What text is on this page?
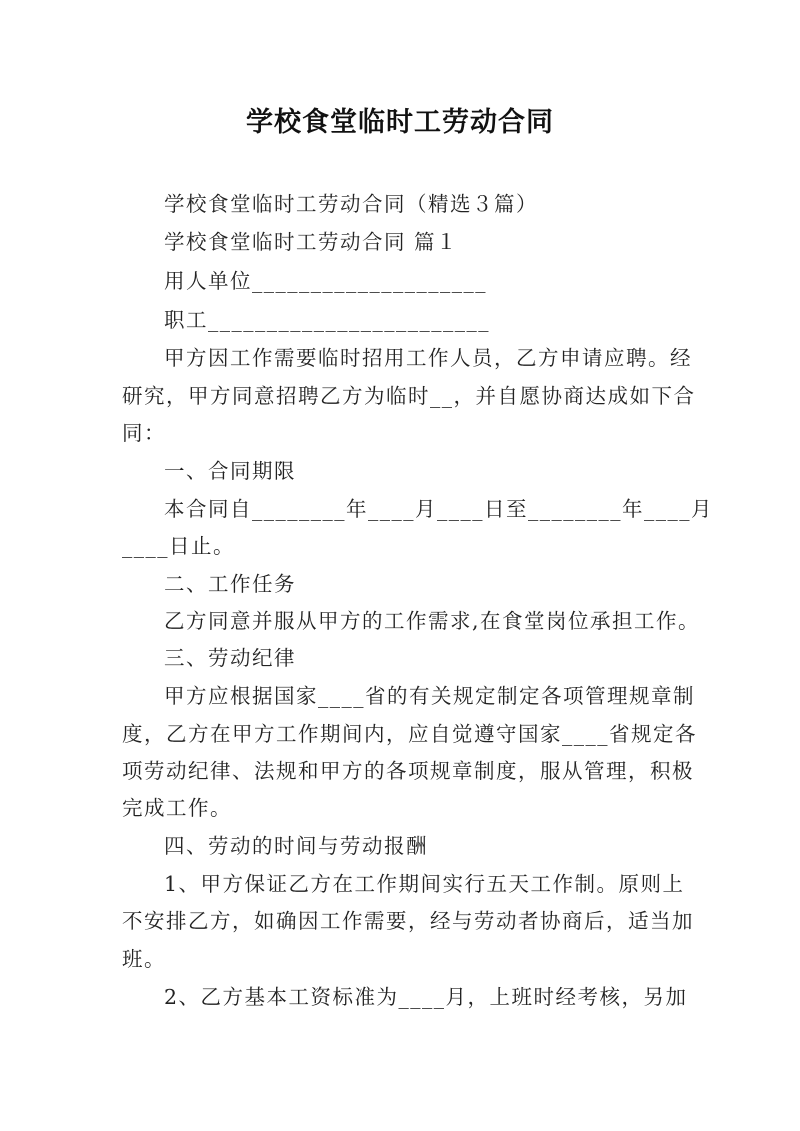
学校食堂临时工劳动合同
学校食堂临时工劳动合同（精选３篇）
学校食堂临时工劳动合同 篇１
用人单位____________________
职工________________________
甲方因工作需要临时招用工作人员，乙方申请应聘。经
研究，甲方同意招聘乙方为临时__，并自愿协商达成如下合
同：
一、合同期限
本合同自________年____月____日至________年____月
____日止。
二、工作任务
乙方同意并服从甲方的工作需求,在食堂岗位承担工作。
三、劳动纪律
甲方应根据国家____省的有关规定制定各项管理规章制
度，乙方在甲方工作期间内，应自觉遵守国家____省规定各
项劳动纪律、法规和甲方的各项规章制度，服从管理，积极
完成工作。
四、劳动的时间与劳动报酬
1、甲方保证乙方在工作期间实行五天工作制。原则上
不安排乙方，如确因工作需要，经与劳动者协商后，适当加
班。
2、乙方基本工资标准为____月，上班时经考核，另加
